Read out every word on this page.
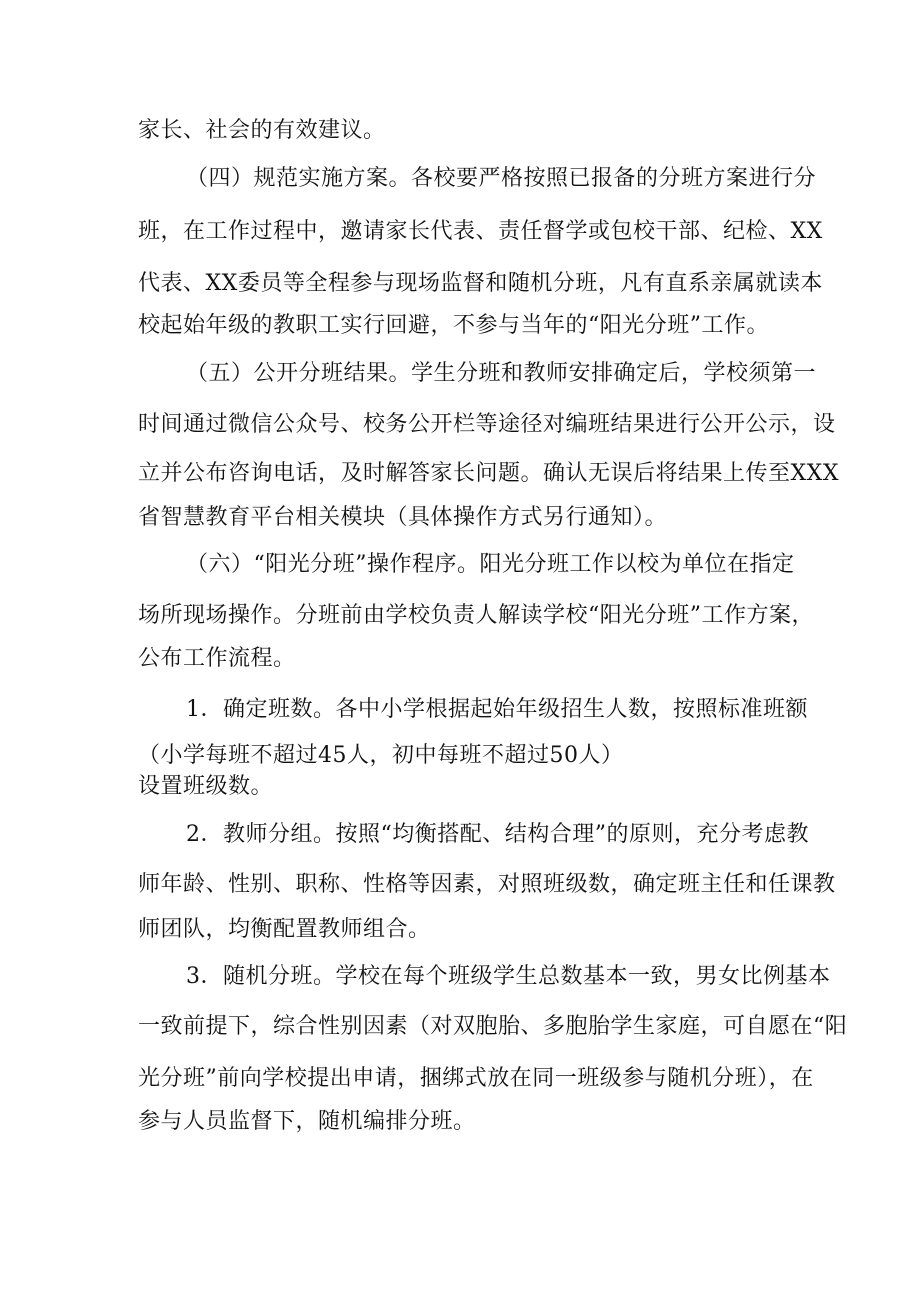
家长、社会的有效建议。
（四）规范实施方案。各校要严格按照已报备的分班方案进行分
班，在工作过程中，邀请家长代表、责任督学或包校干部、纪检、XX
代表、XX委员等全程参与现场监督和随机分班，凡有直系亲属就读本
校起始年级的教职工实行回避，不参与当年的“阳光分班”工作。
（五）公开分班结果。学生分班和教师安排确定后，学校须第一
时间通过微信公众号、校务公开栏等途径对编班结果进行公开公示，设
立并公布咨询电话，及时解答家长问题。确认无误后将结果上传至XXX
省智慧教育平台相关模块（具体操作方式另行通知）。
（六）“阳光分班”操作程序。阳光分班工作以校为单位在指定
场所现场操作。分班前由学校负责人解读学校“阳光分班”工作方案，
公布工作流程。
1．确定班数。各中小学根据起始年级招生人数，按照标准班额
（小学每班不超过45人，初中每班不超过50人）
设置班级数。
2．教师分组。按照“均衡搭配、结构合理”的原则，充分考虑教
师年龄、性别、职称、性格等因素，对照班级数，确定班主任和任课教
师团队，均衡配置教师组合。
3．随机分班。学校在每个班级学生总数基本一致，男女比例基本
一致前提下，综合性别因素（对双胞胎、多胞胎学生家庭，可自愿在“阳
光分班”前向学校提出申请，捆绑式放在同一班级参与随机分班），在
参与人员监督下，随机编排分班。
